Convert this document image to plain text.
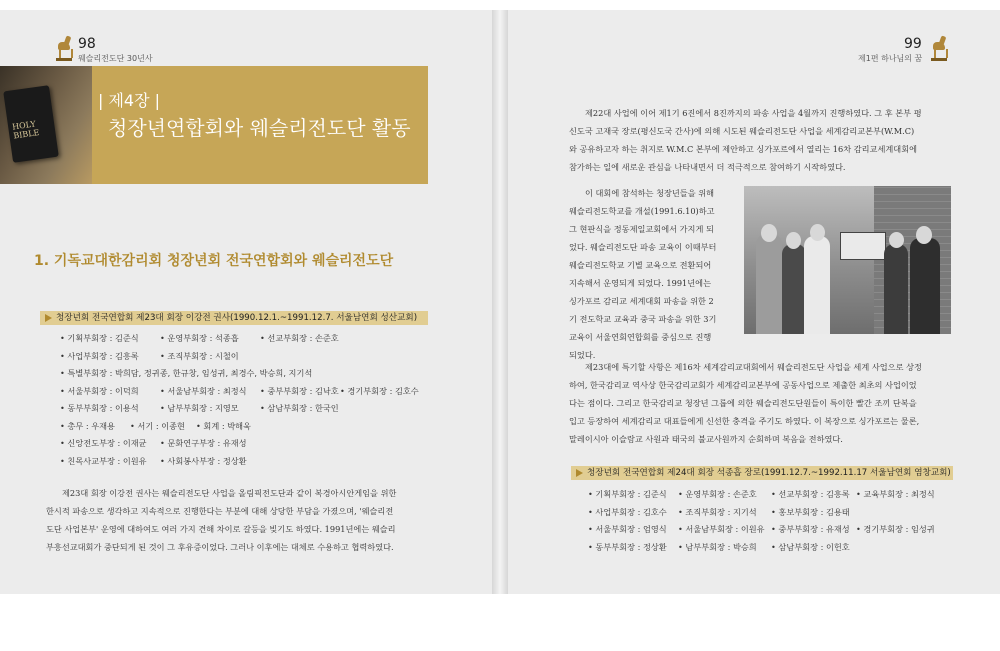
98
웨슬리전도단 30년사
HOLY BIBLE
| 제4장 |
청장년연합회와 웨슬리전도단 활동
1. 기독교대한감리회 청장년회 전국연합회와 웨슬리전도단
청장년회 전국연합회 제23대 회장 이강전 권사(1990.12.1.~1991.12.7. 서울남연회 성산교회)
• 기획부회장 : 김준식	• 운영부회장 : 석종흡	• 선교부회장 : 손준호
• 사업부회장 : 김흥록	• 조직부회장 : 시철이
• 특별부회장 : 박희담, 정귀종, 한규창, 임성귀, 최경수, 박승희, 지기석
• 서울부회장 : 이덕희	• 서울남부회장 : 최정식 • 중부부회장 : 김낙호 • 경기부회장 : 김호수
• 동부부회장 : 이용석	• 남부부회장 : 지영모	• 삼남부회장 : 한국인
• 총무 : 우재용 • 서기 : 이종현 • 회계 : 박해욱
• 신앙전도부장 : 이재균 • 문화연구부장 : 유재성
• 친목사교부장 : 이원유 • 사회봉사부장 : 정상환
제23대 회장 이강전 권사는 웨슬리전도단 사업을 올림픽전도단과 같이 복경아시안게임을 위한
한시적 파송으로 생각하고 지속적으로 진행한다는 부분에 대해 상당한 부담을 가졌으며, '웨슬리전
도단 사업본부' 운영에 대하여도 여러 가지 견해 차이로 갈등을 빚기도 하였다. 1991년에는 웨슬리
부흥선교대회가 중단되게 된 것이 그 후유증이었다. 그러나 이후에는 대체로 수용하고 협력하였다.
99
제1편 하나님의 꿈
제22대 사업에 이어 제1기 6진에서 8진까지의 파송 사업을 4월까지 진행하였다. 그 후 본부 평
신도국 고재국 장로(평신도국 간사)에 의해 시도된 웨슬리전도단 사업을 세계감리교본부(W.M.C)
와 공유하고자 하는 취지로 W.M.C 본부에 제안하고 싱가포르에서 열리는 16차 감리교세계대회에
참가하는 일에 새로운 관심을 나타내면서 더 적극적으로 참여하기 시작하였다.
이 대회에 참석하는 청장년들을 위해
웨슬리전도학교를 개설(1991.6.10)하고
그 현판식을 정동제일교회에서 가지게 되
었다. 웨슬리전도단 파송 교육이 이때부터
웨슬리전도학교 기별 교육으로 전환되어
지속해서 운영되게 되었다. 1991년에는
싱가포르 감리교 세계대회 파송을 위한 2
기 전도학교 교육과 중국 파송을 위한 3기
교육이 서울연회연합회를 중심으로 진행
되었다.
제23대에 특기할 사항은 제16차 세계감리교대회에서 웨슬리전도단 사업을 세계 사업으로 상정
하여, 한국감리교 역사상 한국감리교회가 세계감리교본부에 공동사업으로 제출한 최초의 사업이었
다는 점이다. 그리고 한국감리교 청장년 그룹에 의한 웨슬리전도단원들이 특이한 빨간 조끼 단복을
입고 등장하여 세계감리교 대표들에게 신선한 충격을 주기도 하였다. 이 복장으로 싱가포르는 물론,
말레이시아 이슬람교 사원과 태국의 불교사원까지 순회하며 복음을 전하였다.
청장년회 전국연합회 제24대 회장 석종흡 장로(1991.12.7.~1992.11.17 서울남연회 염창교회)
• 기획부회장 : 김준식 • 운영부회장 : 손준호 • 선교부회장 : 김흥록 • 교육부회장 : 최정식
• 사업부회장 : 김호수 • 조직부회장 : 지기석 • 홍보부회장 : 김용태
• 서울부회장 : 엄영식 • 서울남부회장 : 이원유 • 중부부회장 : 유재성 • 경기부회장 : 임성귀
• 동부부회장 : 정상환 • 남부부회장 : 박승희 • 삼남부회장 : 이헌호
